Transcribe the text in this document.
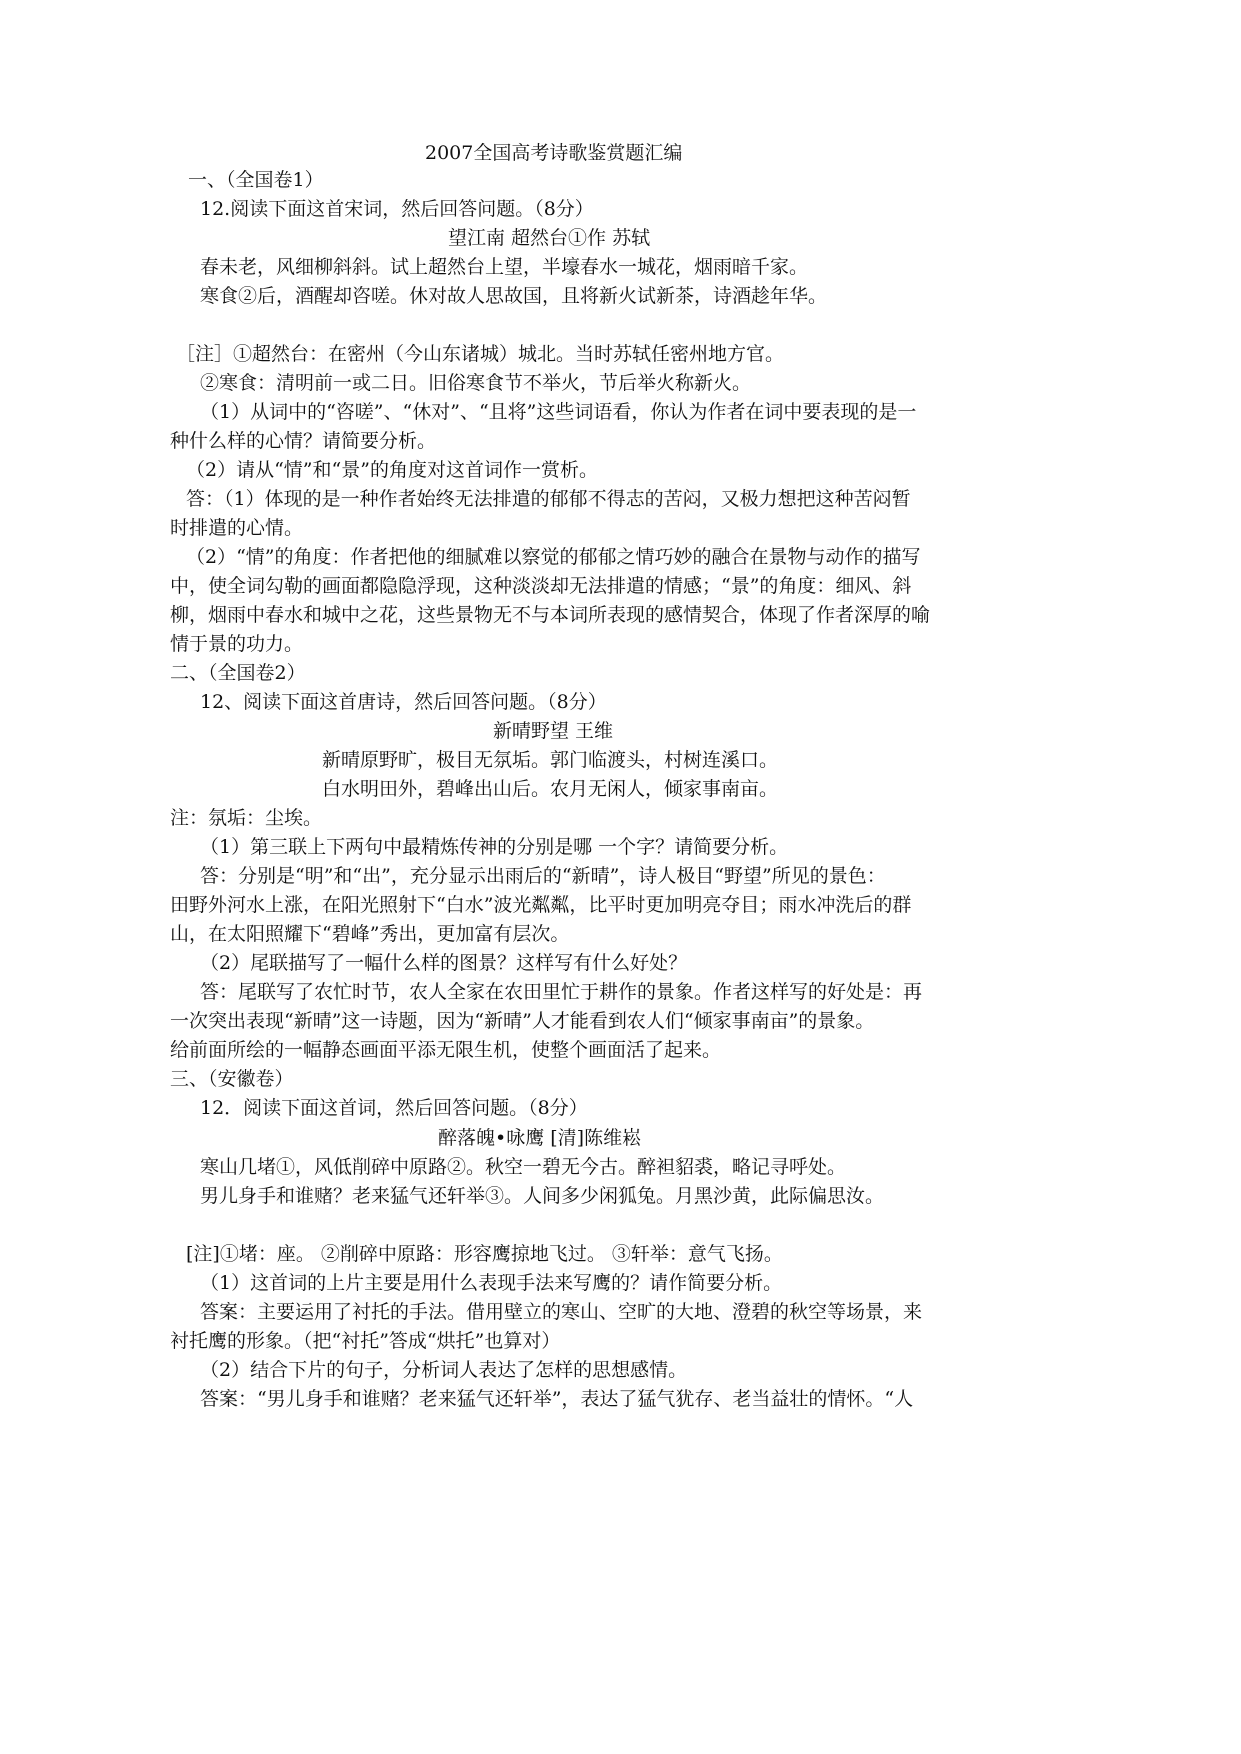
2007全国高考诗歌鉴赏题汇编
一、（全国卷1）
12.阅读下面这首宋词，然后回答问题。（8分）
望江南 超然台①作 苏轼
春未老，风细柳斜斜。试上超然台上望，半壕春水一城花，烟雨暗千家。
寒食②后，酒醒却咨嗟。休对故人思故国，且将新火试新茶，诗酒趁年华。
［注］①超然台：在密州（今山东诸城）城北。当时苏轼任密州地方官。
②寒食：清明前一或二日。旧俗寒食节不举火，节后举火称新火。
（1）从词中的“咨嗟”、“休对”、“且将”这些词语看，你认为作者在词中要表现的是一
种什么样的心情？请简要分析。
（2）请从“情”和“景”的角度对这首词作一赏析。
答：（1）体现的是一种作者始终无法排遣的郁郁不得志的苦闷，又极力想把这种苦闷暂
时排遣的心情。
（2）“情”的角度：作者把他的细腻难以察觉的郁郁之情巧妙的融合在景物与动作的描写
中，使全词勾勒的画面都隐隐浮现，这种淡淡却无法排遣的情感；“景”的角度：细风、斜
柳，烟雨中春水和城中之花，这些景物无不与本词所表现的感情契合，体现了作者深厚的喻
情于景的功力。
二、（全国卷2）
12、阅读下面这首唐诗，然后回答问题。（8分）
新晴野望 王维
新晴原野旷，极目无氛垢。郭门临渡头，村树连溪口。
白水明田外，碧峰出山后。农月无闲人，倾家事南亩。
注：氛垢：尘埃。
（1）第三联上下两句中最精炼传神的分别是哪 一个字？请简要分析。
答：分别是“明”和“出”，充分显示出雨后的“新晴”，诗人极目“野望”所见的景色：
田野外河水上涨，在阳光照射下“白水”波光粼粼，比平时更加明亮夺目；雨水冲洗后的群
山，在太阳照耀下“碧峰”秀出，更加富有层次。
（2）尾联描写了一幅什么样的图景？这样写有什么好处？
答：尾联写了农忙时节，农人全家在农田里忙于耕作的景象。作者这样写的好处是：再
一次突出表现“新晴”这一诗题，因为“新晴”人才能看到农人们“倾家事南亩”的景象。
给前面所绘的一幅静态画面平添无限生机，使整个画面活了起来。
三、（安徽卷）
12．阅读下面这首词，然后回答问题。（8分）
醉落魄•咏鹰 [清]陈维崧
寒山几堵①，风低削碎中原路②。秋空一碧无今古。醉袒貂裘，略记寻呼处。
男儿身手和谁赌？老来猛气还轩举③。人间多少闲狐兔。月黑沙黄，此际偏思汝。
[注]①堵：座。 ②削碎中原路：形容鹰掠地飞过。 ③轩举：意气飞扬。
（1）这首词的上片主要是用什么表现手法来写鹰的？请作简要分析。
答案：主要运用了衬托的手法。借用壁立的寒山、空旷的大地、澄碧的秋空等场景，来
衬托鹰的形象。（把“衬托”答成“烘托”也算对）
（2）结合下片的句子，分析词人表达了怎样的思想感情。
答案：“男儿身手和谁赌？老来猛气还轩举”，表达了猛气犹存、老当益壮的情怀。“人
